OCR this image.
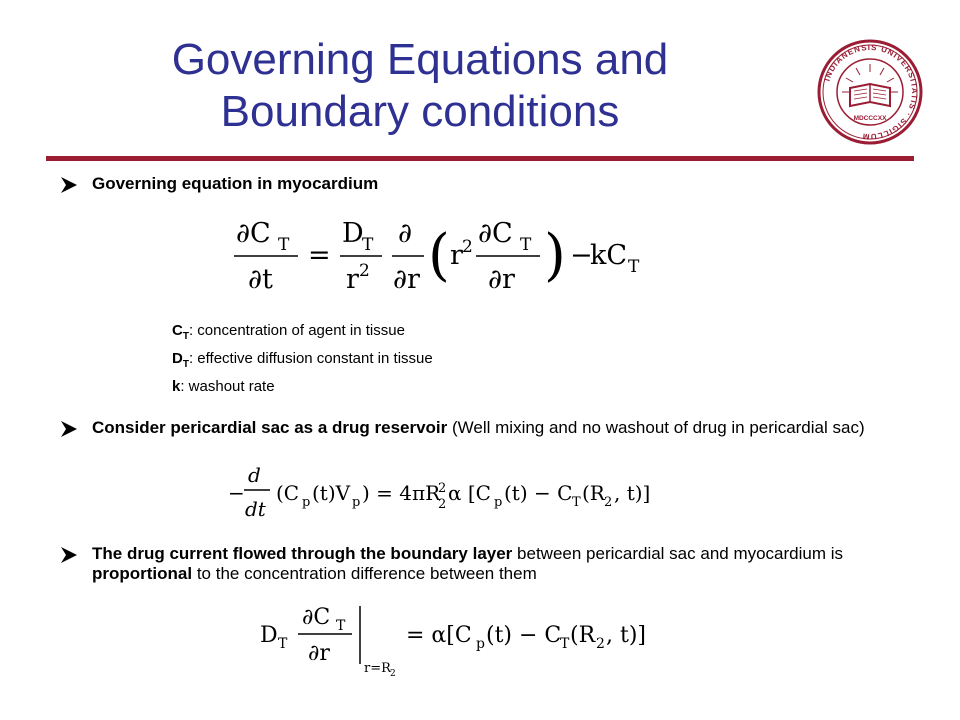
Governing Equations and
Boundary conditions
INDIANENSIS UNIVERSITATIS · SIGILLUM
MDCCCXX
Governing equation in myocardium
∂C T
∂t
=
D
T
r 2
∂
∂r ( r 2 ∂C T
∂r ) −
kC T
$C_T$: concentration of agent in tissue
$D_T$: effective diffusion constant in tissue
k: washout rate
Consider pericardial sac as a drug reservoir (Well mixing and no washout of drug in pericardial sac)
−
d
dt
(C p (t)V p ) = 4πR
2
2 α [C p (t) − C T (R 2 , t)]
The drug current flowed through the boundary layer between pericardial sac and myocardium is proportional to the concentration difference between them
D T
∂C T
∂r
r=R 2
= α[C p (t) − C
T (R 2 , t)]
